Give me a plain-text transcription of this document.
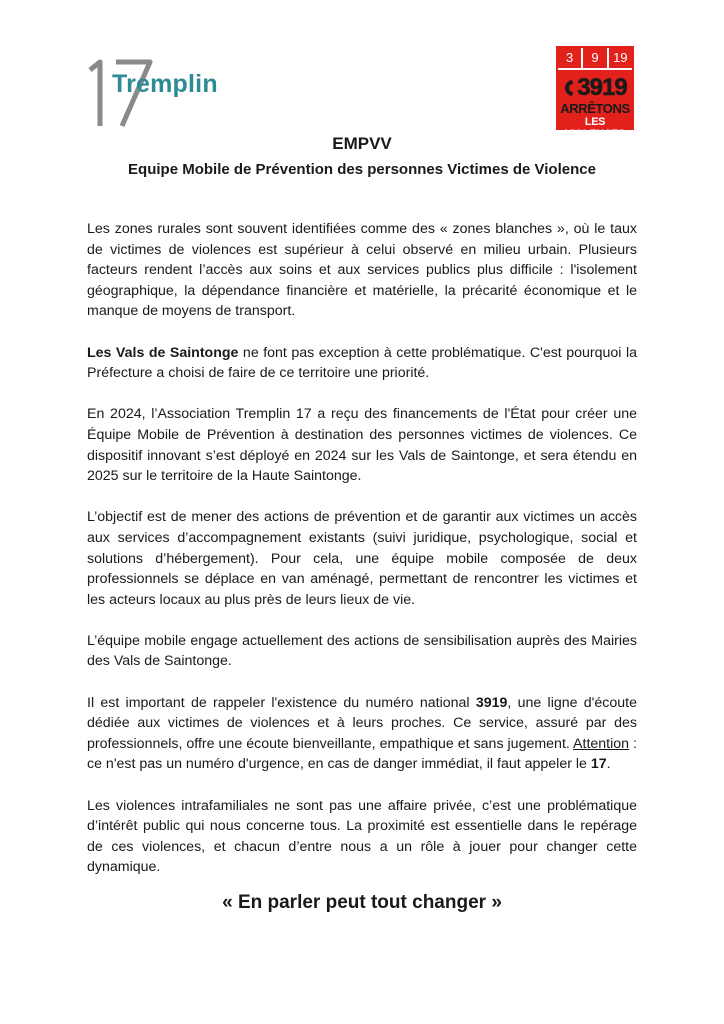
Tremplin
3	9	19
3919
ARRÊTONS
LES VIOLENCES
EMPVV
Equipe Mobile de Prévention des personnes Victimes de Violence

Les zones rurales sont souvent identifiées comme des « zones blanches », où le taux de victimes de violences est supérieur à celui observé en milieu urbain. Plusieurs facteurs rendent l’accès aux soins et aux services publics plus difficile : l'isolement géographique, la dépendance financière et matérielle, la précarité économique et le manque de moyens de transport.

Les Vals de Saintonge ne font pas exception à cette problématique. C'est pourquoi la Préfecture a choisi de faire de ce territoire une priorité.

En 2024, l’Association Tremplin 17 a reçu des financements de l'État pour créer une Équipe Mobile de Prévention à destination des personnes victimes de violences. Ce dispositif innovant s’est déployé en 2024 sur les Vals de Saintonge, et sera étendu en 2025 sur le territoire de la Haute Saintonge.

L’objectif est de mener des actions de prévention et de garantir aux victimes un accès aux services d’accompagnement existants (suivi juridique, psychologique, social et solutions d’hébergement). Pour cela, une équipe mobile composée de deux professionnels se déplace en van aménagé, permettant de rencontrer les victimes et les acteurs locaux au plus près de leurs lieux de vie.

L’équipe mobile engage actuellement des actions de sensibilisation auprès des Mairies des Vals de Saintonge.

Il est important de rappeler l'existence du numéro national 3919, une ligne d'écoute dédiée aux victimes de violences et à leurs proches. Ce service, assuré par des professionnels, offre une écoute bienveillante, empathique et sans jugement. Attention : ce n'est pas un numéro d'urgence, en cas de danger immédiat, il faut appeler le 17.

Les violences intrafamiliales ne sont pas une affaire privée, c’est une problématique d’intérêt public qui nous concerne tous. La proximité est essentielle dans le repérage de ces violences, et chacun d’entre nous a un rôle à jouer pour changer cette dynamique.

« En parler peut tout changer »
